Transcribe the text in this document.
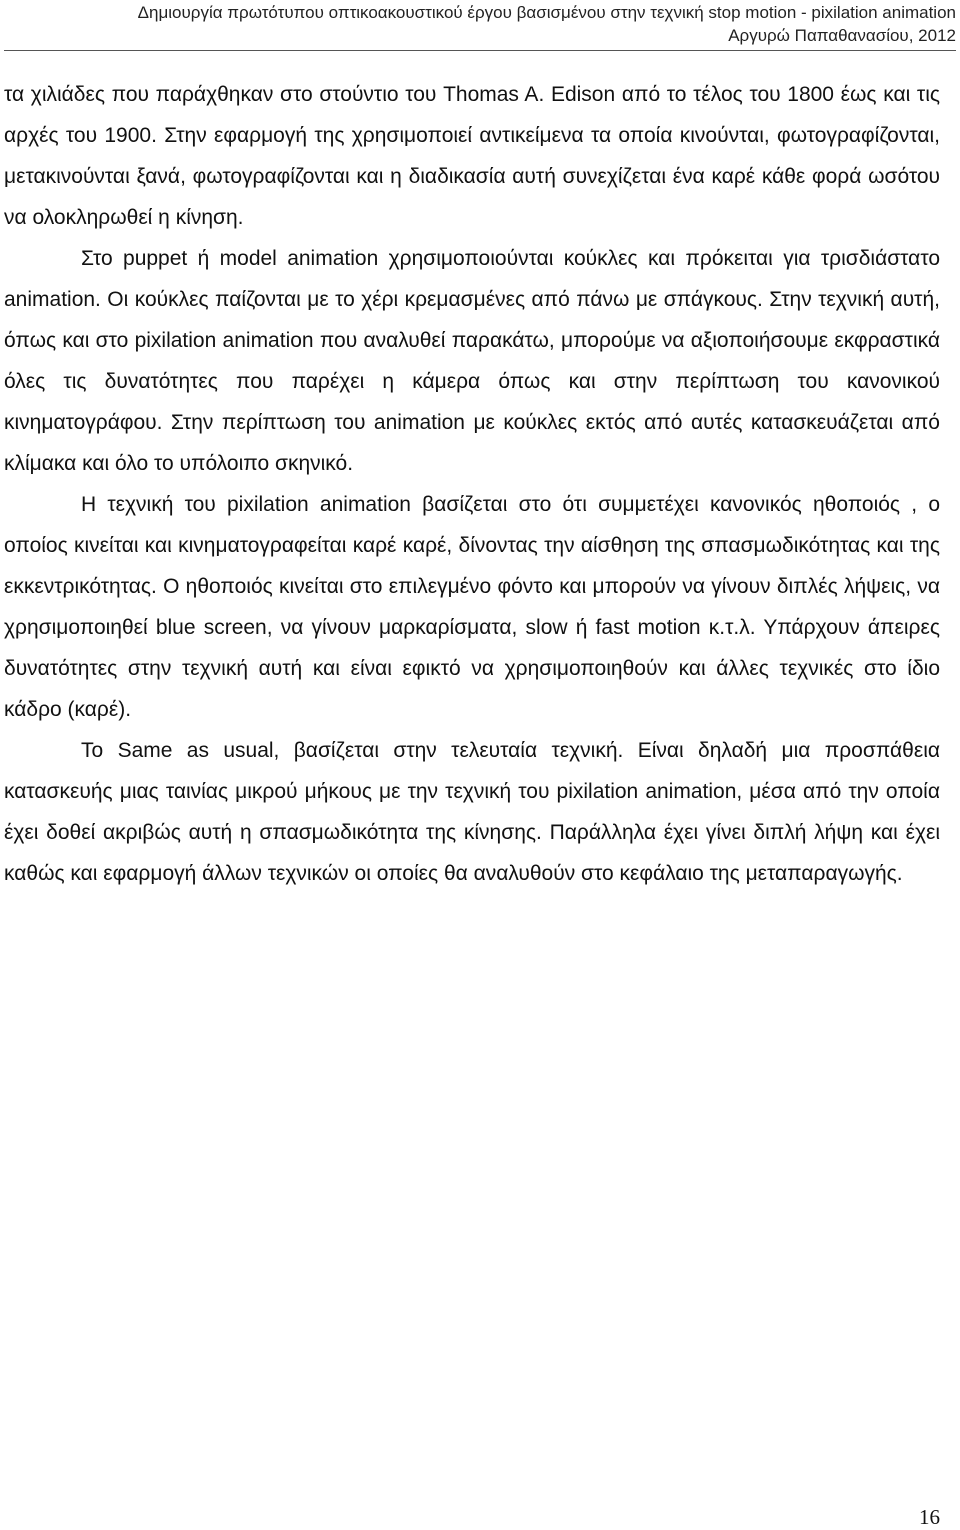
Δημιουργία πρωτότυπου οπτικοακουστικού έργου βασισμένου στην τεχνική stop motion - pixilation animation
Αργυρώ Παπαθανασίου, 2012

τα χιλιάδες που παράχθηκαν στο στούντιο του Thomas A. Edison από το τέλος του 1800 έως και τις αρχές του 1900. Στην εφαρμογή της χρησιμοποιεί αντικείμενα τα οποία κινούνται, φωτογραφίζονται, μετακινούνται ξανά, φωτογραφίζονται και η διαδικασία αυτή συνεχίζεται ένα καρέ κάθε φορά ωσότου να ολοκληρωθεί η κίνηση.

Στο puppet ή model animation χρησιμοποιούνται κούκλες και πρόκειται για τρισδιάστατο animation. Οι κούκλες παίζονται με το χέρι κρεμασμένες από πάνω με σπάγκους. Στην τεχνική αυτή, όπως και στο pixilation animation που αναλυθεί παρακάτω, μπορούμε να αξιοποιήσουμε εκφραστικά όλες τις δυνατότητες που παρέχει η κάμερα όπως και στην περίπτωση του κανονικού κινηματογράφου. Στην περίπτωση του animation με κούκλες εκτός από αυτές κατασκευάζεται από κλίμακα και όλο το υπόλοιπο σκηνικό.

Η τεχνική του pixilation animation βασίζεται στο ότι συμμετέχει κανονικός ηθοποιός , ο οποίος κινείται και κινηματογραφείται καρέ καρέ, δίνοντας την αίσθηση της σπασμωδικότητας και της εκκεντρικότητας. Ο ηθοποιός κινείται στο επιλεγμένο φόντο και μπορούν να γίνουν διπλές λήψεις, να χρησιμοποιηθεί blue screen, να γίνουν μαρκαρίσματα, slow ή fast motion κ.τ.λ. Υπάρχουν άπειρες δυνατότητες στην τεχνική αυτή και είναι εφικτό να χρησιμοποιηθούν και άλλες τεχνικές στο ίδιο κάδρο (καρέ).

Το Same as usual, βασίζεται στην τελευταία τεχνική. Είναι δηλαδή μια προσπάθεια κατασκευής μιας ταινίας μικρού μήκους με την τεχνική του pixilation animation, μέσα από την οποία έχει δοθεί ακριβώς αυτή η σπασμωδικότητα της κίνησης. Παράλληλα έχει γίνει διπλή λήψη και έχει καθώς και εφαρμογή άλλων τεχνικών οι οποίες θα αναλυθούν στο κεφάλαιο της μεταπαραγωγής.

16
